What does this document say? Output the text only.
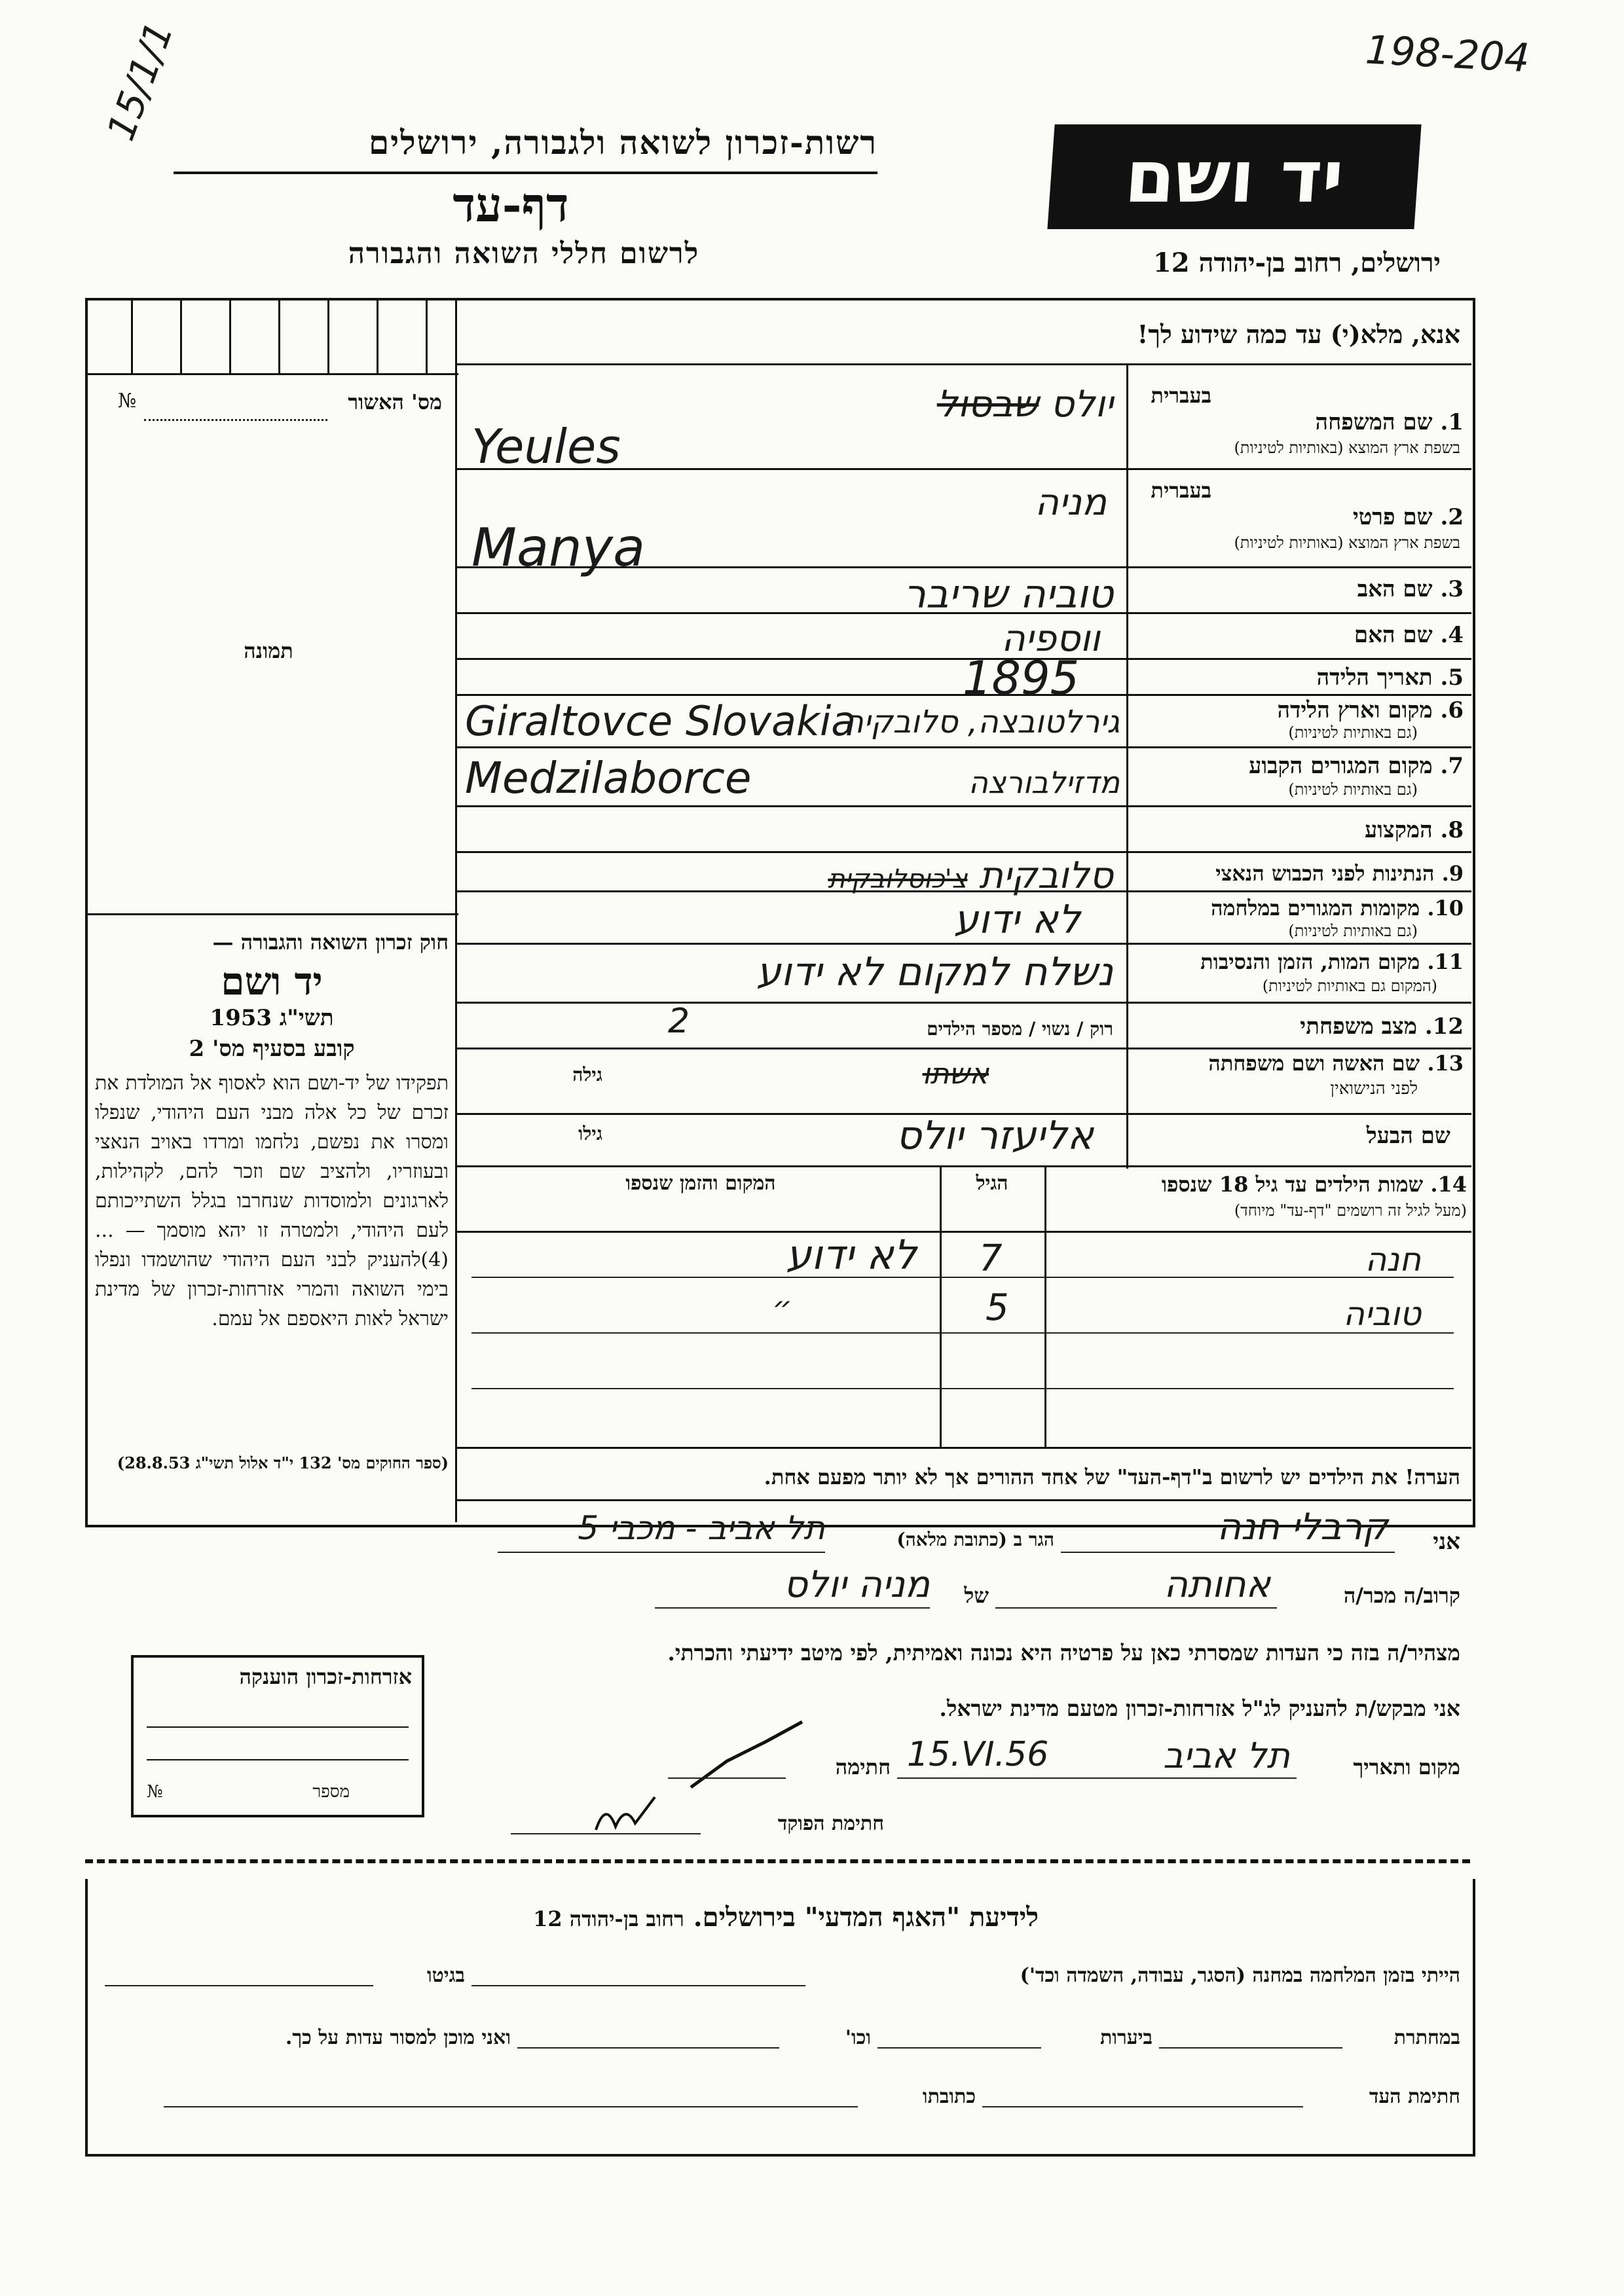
198-204
15/1/1	רשות-זכרון לשואה ולגבורה, ירושלים
דף-עד
לרשום חללי השואה והגבורה
יד ושם
ירושלים, רחוב בן-יהודה 12
אנא, מלא(י) עד כמה שידוע לך!
מס' האשור
№
תמונה
בעברית
1. שם המשפחה
בשפת ארץ המוצא (באותיות לטיניות)
בעברית
2. שם פרטי
בשפת ארץ המוצא (באותיות לטיניות)
3. שם האב
4. שם האם
5. תאריך הלידה
6. מקום וארץ הלידה
(גם באותיות לטיניות)
7. מקום המגורים הקבוע
(גם באותיות לטיניות)
8. המקצוע
9. הנתינות לפני הכבוש הנאצי
10. מקומות המגורים במלחמה
(גם באותיות לטיניות)
11. מקום המות, הזמן והנסיבות
(המקום גם באותיות לטיניות)
12. מצב משפחתי
13. שם האשה ושם משפחתה
לפני הנישואין
שם הבעל
רוק / נשוי / מספר הילדים
גילה
גילו
יולס שבסול
Yeules
מניה
Manya
טוביה שריבר
ווספיה
1895
Giraltovce Slovakia
גירלטובצה, סלובקיה
Medzilaborce	מדזילבורצה
סלובקית צ'כוסלובקית
לא ידוע
נשלח למקום לא ידוע
2
אשתו
אליעזר יולס
14. שמות הילדים עד גיל 18 שנספו
(מעל לגיל זה רושמים "דף-עד" מיוחד)
הגיל
המקום והזמן שנספו
חנה
7
לא ידוע
טוביה
5
״
הערה! את הילדים יש לרשום ב"דף-העד" של אחד ההורים אך לא יותר מפעם אחת.
חוק זכרון השואה והגבורה —
יד ושם
תשי"ג 1953
קובע בסעיף מס' 2
תפקידו של יד-ושם הוא לאסוף אל המולדת את זכרם של כל אלה מבני העם היהודי, שנפלו ומסרו את נפשם, נלחמו ומרדו באויב הנאצי ובעוזריו, ולהציב שם וזכר להם, לקהילות, לארגונים ולמוסדות שנחרבו בגלל השתייכותם לעם היהודי, ולמטרה זו יהא מוסמך — ...(4)להעניק לבני העם היהודי שהושמדו ונפלו בימי השואה והמרי אזרחות-זכרון של מדינת ישראל לאות היאספם אל עמם.
(ספר החוקים מס' 132 י"ד אלול תשי"ג 28.8.53)
אני
קרבלי חנה
הגר ב (כתובת מלאה)
תל אביב - מכבי 5
קרוב/ה מכר/ה
אחותה
של
מניה יולס
מצהיר/ה בזה כי העדות שמסרתי כאן על פרטיה היא נכונה ואמיתית, לפי מיטב ידיעתי והכרתי.
אני מבקש/ת להעניק לג"ל אזרחות-זכרון מטעם מדינת ישראל.
מקום ותאריך
תל אביב
15.VI.56
חתימה
חתימת הפוקד
אזרחות-זכרון הוענקה
מספר
№
לידיעת "האגף המדעי" בירושלים. רחוב בן-יהודה 12
הייתי בזמן המלחמה במחנה (הסגר, עבודה, השמדה וכד')
בגיטו
במחתרת
ביערות
וכו'
ואני מוכן למסור עדות על כך.
חתימת העד
כתובתו
